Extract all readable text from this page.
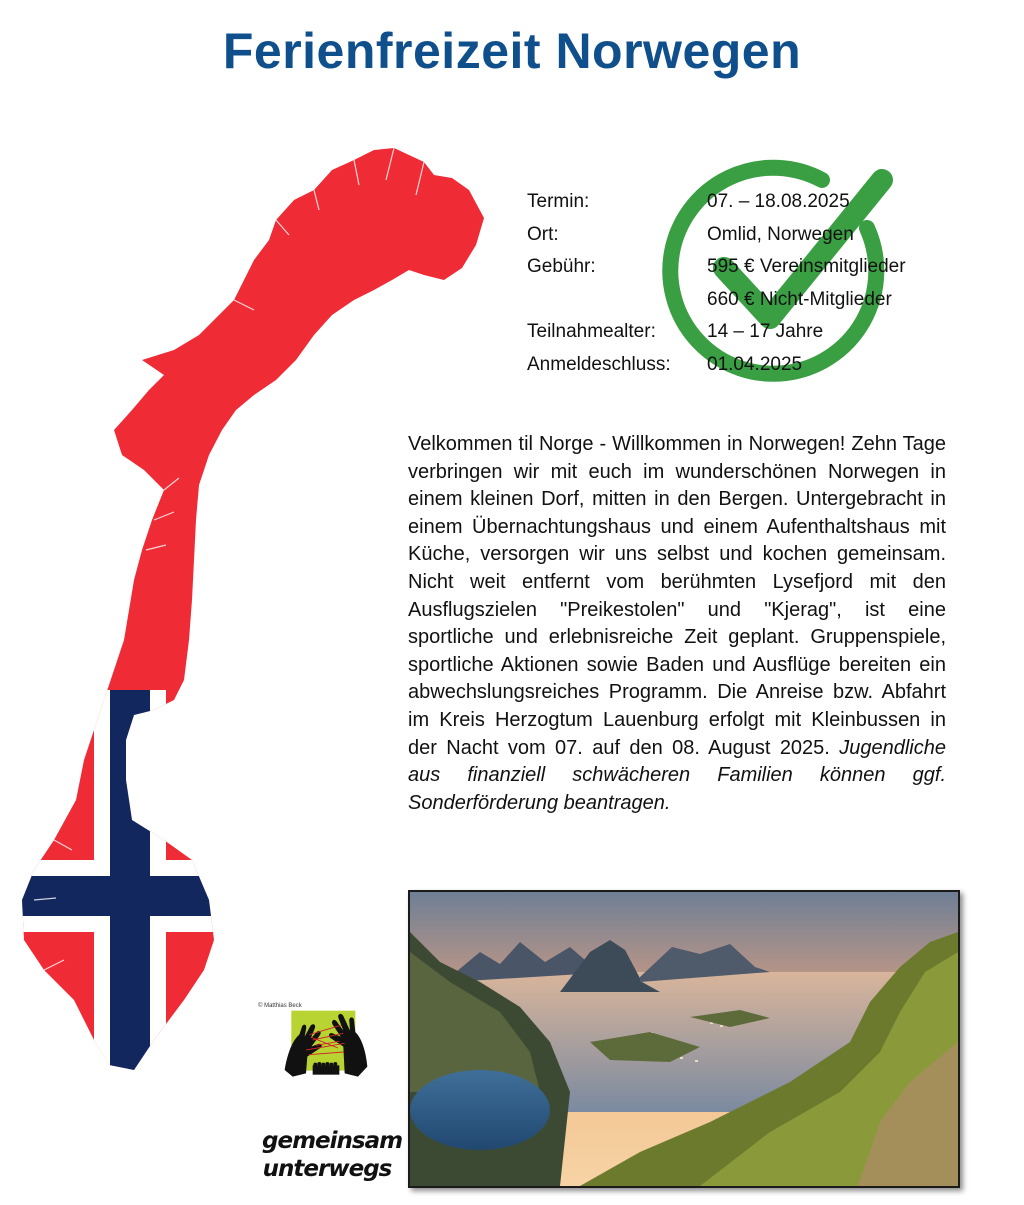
Ferienfreizeit Norwegen
Termin:	07. – 18.08.2025
Ort:	Omlid, Norwegen
Gebühr:	595 € Vereinsmitglieder
660 € Nicht-Mitglieder
Teilnahmealter:	14 – 17 Jahre
Anmeldeschluss:	01.04.2025
Velkommen til Norge - Willkommen in Norwegen! Zehn Tage verbringen wir mit euch im wunderschönen Norwegen in einem kleinen Dorf, mitten in den Bergen. Untergebracht in einem Übernachtungshaus und einem Aufenthaltshaus mit Küche, versorgen wir uns selbst und kochen gemeinsam. Nicht weit entfernt vom berühmten Lysefjord mit den Ausflugszielen "Preikestolen" und "Kjerag", ist eine sportliche und erlebnisreiche Zeit geplant. Gruppenspiele, sportliche Aktionen sowie Baden und Ausflüge bereiten ein abwechslungsreiches Programm. Die Anreise bzw. Abfahrt im Kreis Herzogtum Lauenburg erfolgt mit Kleinbussen in der Nacht vom 07. auf den 08. August 2025. Jugendliche aus finanziell schwächeren Familien können ggf. Sonderförderung beantragen.
© Matthias Beck
gemeinsam
unterwegs
